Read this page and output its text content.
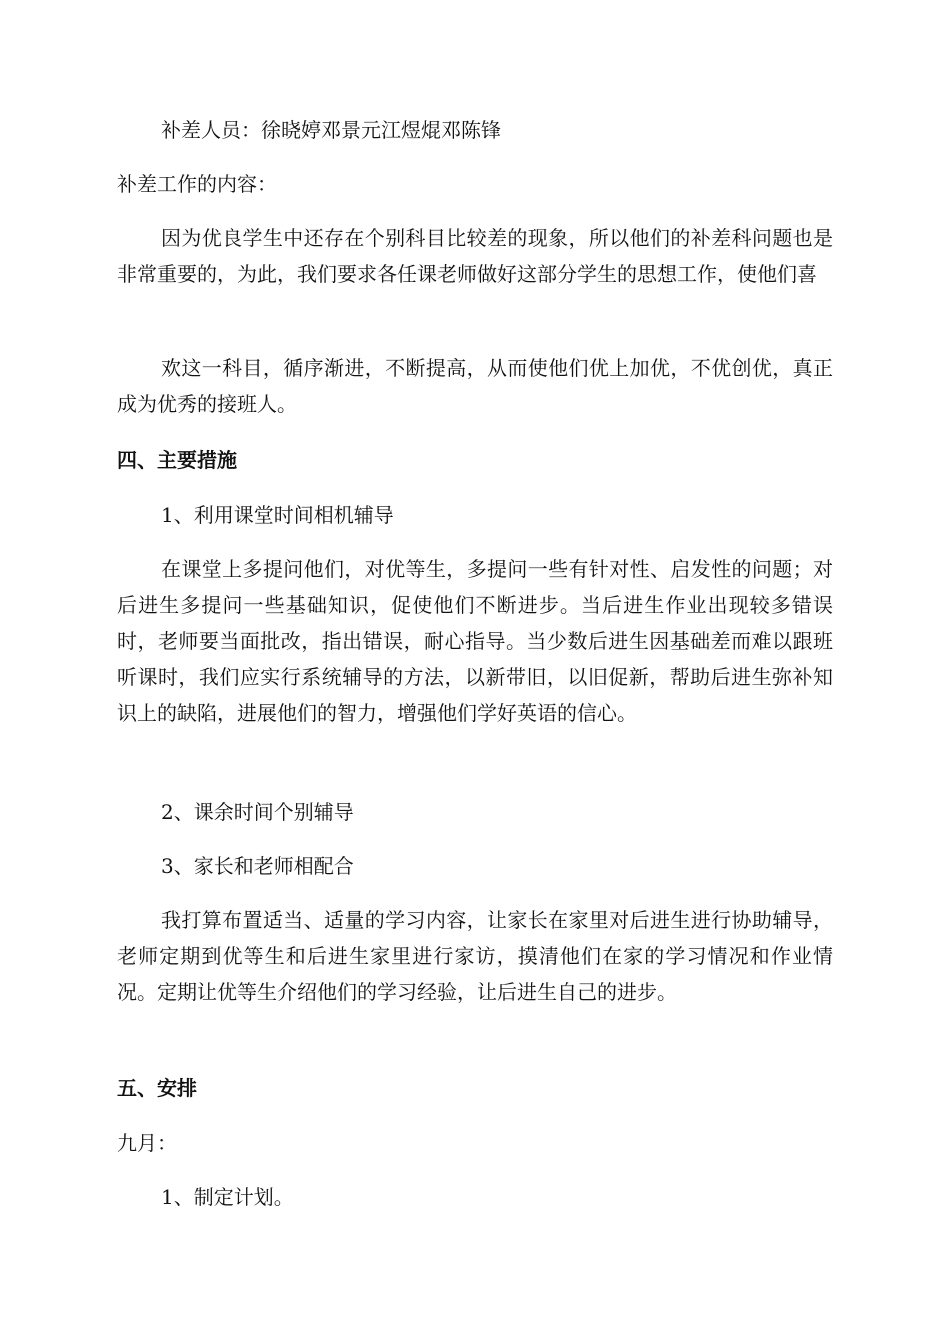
补差人员：徐晓婷邓景元江煜焜邓陈锋

补差工作的内容：

因为优良学生中还存在个别科目比较差的现象，所以他们的补差科问题也是非常重要的，为此，我们要求各任课老师做好这部分学生的思想工作，使他们喜

欢这一科目，循序渐进，不断提高，从而使他们优上加优，不优创优，真正成为优秀的接班人。

四、主要措施

1、利用课堂时间相机辅导

在课堂上多提问他们，对优等生，多提问一些有针对性、启发性的问题；对后进生多提问一些基础知识，促使他们不断进步。当后进生作业出现较多错误时，老师要当面批改，指出错误，耐心指导。当少数后进生因基础差而难以跟班听课时，我们应实行系统辅导的方法，以新带旧，以旧促新，帮助后进生弥补知识上的缺陷，进展他们的智力，增强他们学好英语的信心。

2、课余时间个别辅导

3、家长和老师相配合

我打算布置适当、适量的学习内容，让家长在家里对后进生进行协助辅导，老师定期到优等生和后进生家里进行家访，摸清他们在家的学习情况和作业情况。定期让优等生介绍他们的学习经验，让后进生自己的进步。

五、安排

九月：

1、制定计划。
